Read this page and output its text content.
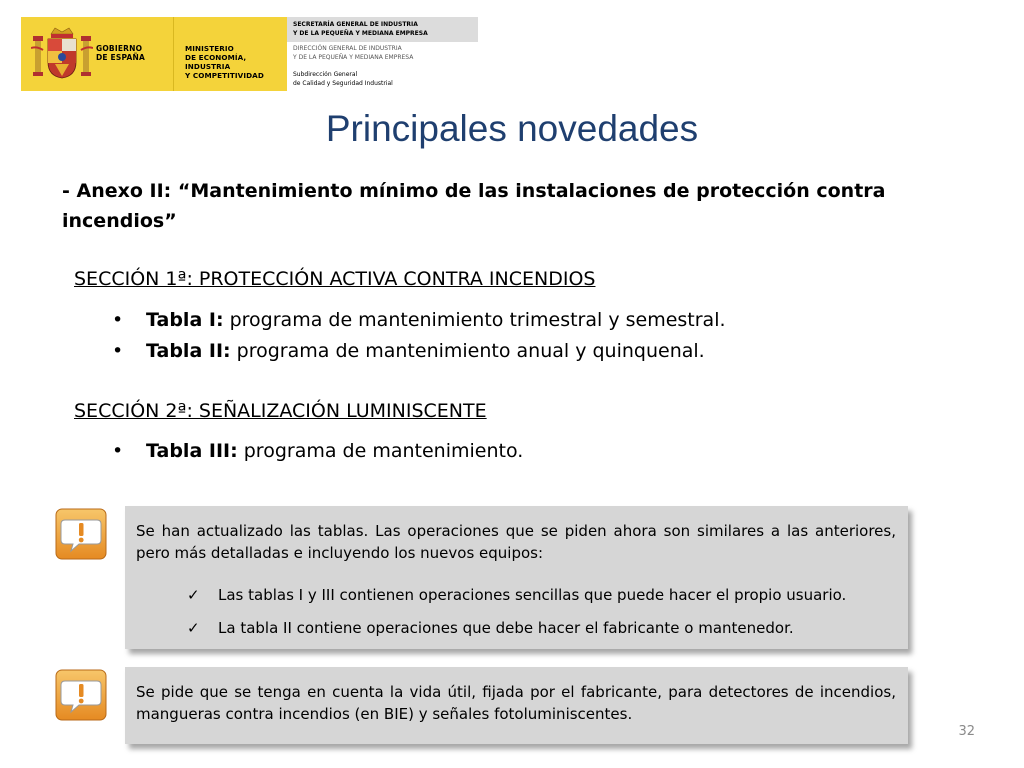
GOBIERNO
DE ESPAÑA
MINISTERIO
DE ECONOMÍA, INDUSTRIA
Y COMPETITIVIDAD
SECRETARÍA GENERAL DE INDUSTRIA
Y DE LA PEQUEÑA Y MEDIANA EMPRESA
DIRECCIÓN GENERAL DE INDUSTRIA
Y DE LA PEQUEÑA Y MEDIANA EMPRESA
Subdirección General
de Calidad y Seguridad Industrial
Principales novedades
- Anexo II: “Mantenimiento mínimo de las instalaciones de protección contra
incendios”
SECCIÓN 1ª: PROTECCIÓN ACTIVA CONTRA INCENDIOS
• Tabla I: programa de mantenimiento trimestral y semestral.
• Tabla II: programa de mantenimiento anual y quinquenal.
SECCIÓN 2ª: SEÑALIZACIÓN LUMINISCENTE
• Tabla III: programa de mantenimiento.
Se han actualizado las tablas. Las operaciones que se piden ahora son similares a las anteriores, pero más detalladas e incluyendo los nuevos equipos:
✓ Las tablas I y III contienen operaciones sencillas que puede hacer el propio usuario.
✓ La tabla II contiene operaciones que debe hacer el fabricante o mantenedor.
Se pide que se tenga en cuenta la vida útil, fijada por el fabricante, para detectores de incendios, mangueras contra incendios (en BIE) y señales fotoluminiscentes.
32
